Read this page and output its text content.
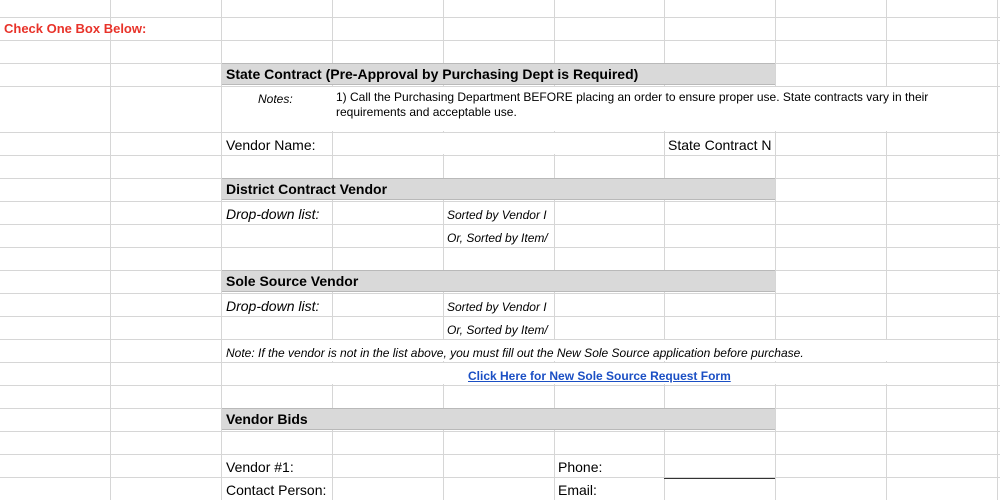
Check One Box Below:
State Contract (Pre-Approval by Purchasing Dept is Required)
Notes:	1) Call the Purchasing Department BEFORE placing an order to ensure proper use. State contracts vary in their
requirements and acceptable use.
Vendor Name:	State Contract N
District Contract Vendor
Drop-down list:	Sorted by Vendor I
Or, Sorted by Item/
Sole Source Vendor
Drop-down list:	Sorted by Vendor I
Or, Sorted by Item/
Note: If the vendor is not in the list above, you must fill out the New Sole Source application before purchase.
Click Here for New Sole Source Request Form
Vendor Bids
Vendor #1:	Phone:
Contact Person:	Email:
